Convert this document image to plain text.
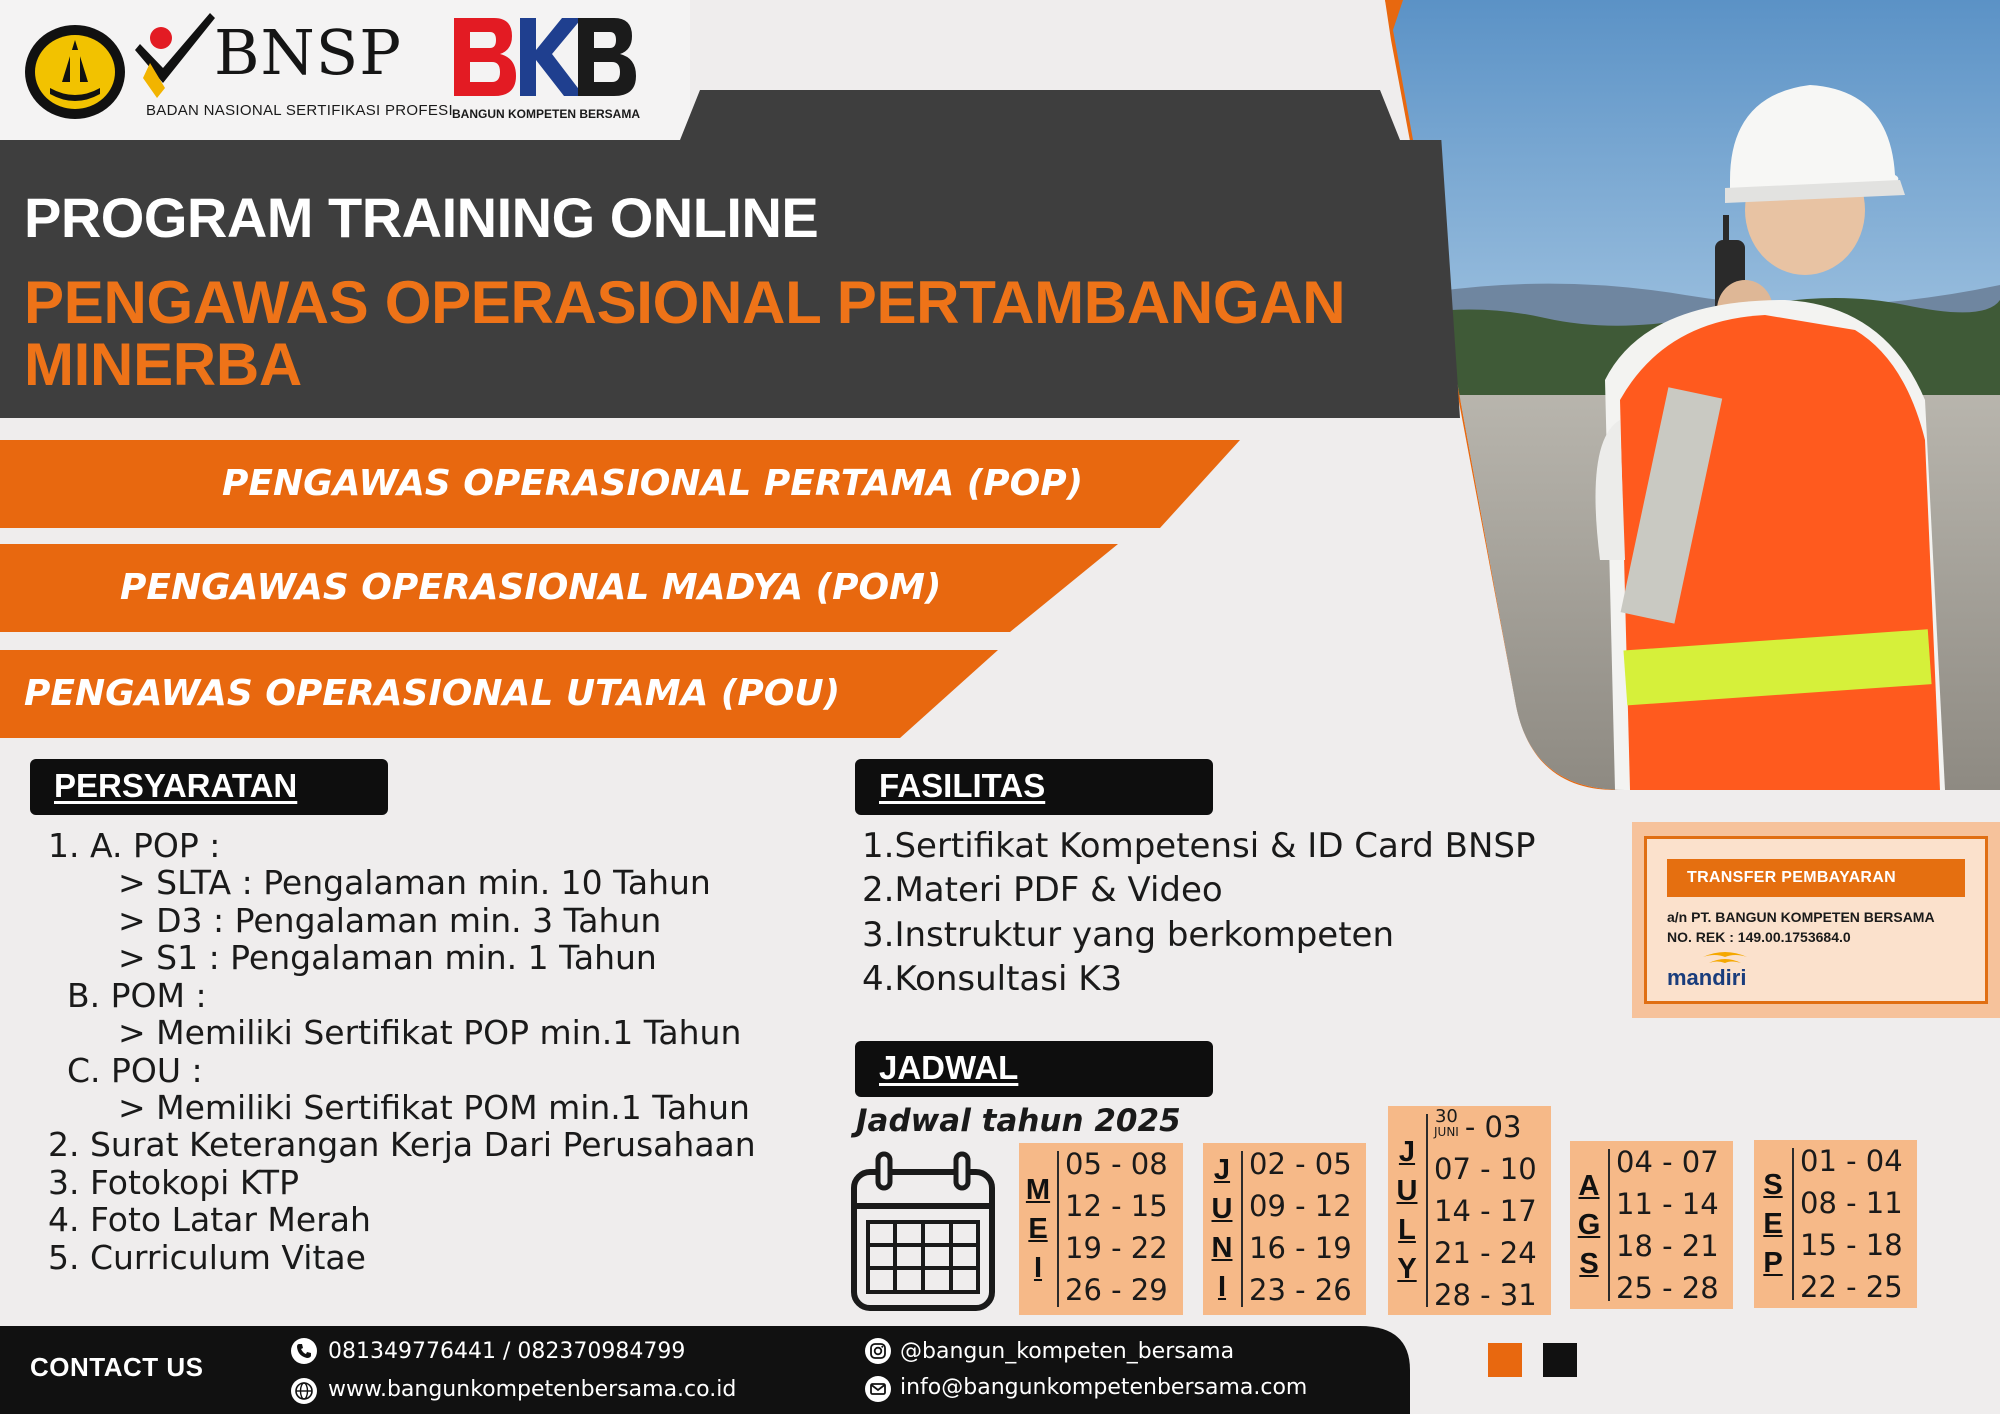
BNSP
BADAN NASIONAL SERTIFIKASI PROFESI BANGUN KOMPETEN BERSAMA
PROGRAM TRAINING ONLINE
PENGAWAS OPERASIONAL PERTAMBANGAN MINERBA
PENGAWAS OPERASIONAL PERTAMA (POP)
PENGAWAS OPERASIONAL MADYA (POM)
PENGAWAS OPERASIONAL UTAMA (POU)
PERSYARATAN
1. A. POP :
> SLTA : Pengalaman min. 10 Tahun
> D3 : Pengalaman min. 3 Tahun
> S1 : Pengalaman min. 1 Tahun
B. POM :
> Memiliki Sertifikat POP min.1 Tahun
C. POU :
> Memiliki Sertifikat POM min.1 Tahun
2. Surat Keterangan Kerja Dari Perusahaan
3. Fotokopi KTP
4. Foto Latar Merah
5. Curriculum Vitae
FASILITAS
1.Sertifikat Kompetensi & ID Card BNSP
2.Materi PDF & Video
3.Instruktur yang berkompeten
4.Konsultasi K3
TRANSFER PEMBAYARAN
a/n PT. BANGUN KOMPETEN BERSAMA
NO. REK : 149.00.1753684.0
mandiri
JADWAL
Jadwal tahun 2025
M
E
I
05 - 08
12 - 15
19 - 22
26 - 29
J
U
N
I
02 - 05
09 - 12
16 - 19
23 - 26
J
U
L
Y
30
JUNI - 03
07 - 10
14 - 17
21 - 24
28 - 31
A
G
S
04 - 07
11 - 14
18 - 21
25 - 28
S
E
P
01 - 04
08 - 11
15 - 18
22 - 25
CONTACT US
081349776441 / 082370984799
www.bangunkompetenbersama.co.id
@bangun_kompeten_bersama
info@bangunkompetenbersama.com
